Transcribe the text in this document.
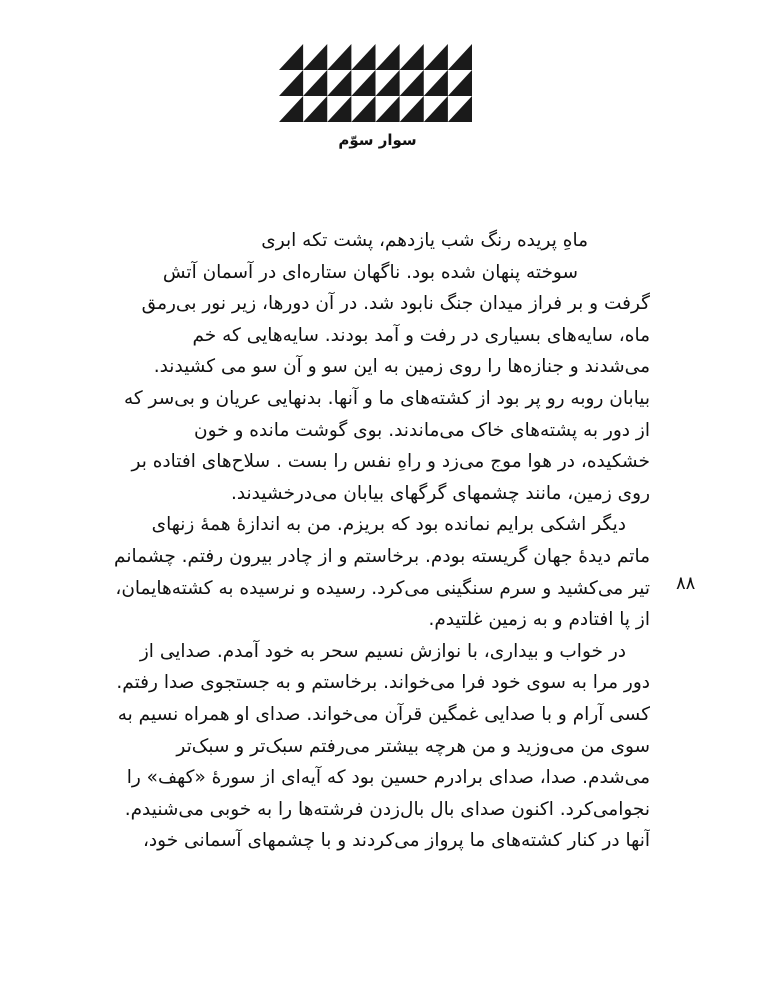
سوار سوّم
۸۸
ماهِ پریده رنگ شب یازدهم، پشت تکه ابری
سوخته پنهان شده بود. ناگهان ستاره‌ای در آسمان آتش
گرفت و بر فراز میدان جنگ نابود شد. در آن دورها، زیر نور بی‌رمق
ماه، سایه‌های بسیاری در رفت و آمد بودند. سایه‌هایی که خم
می‌شدند و جنازه‌ها را روی زمین به این سو و آن سو می کشیدند.
بیابان روبه رو پر بود از کشته‌های ما و آنها. بدنهایی عریان و بی‌سر که
از دور به پشته‌های خاک می‌ماندند. بوی گوشت مانده و خون
خشکیده، در هوا موج می‌زد و راهِ نفس را بست . سلاح‌های افتاده بر
روی زمین، مانند چشمهای گرگهای بیابان می‌درخشیدند.
دیگر اشکی برایم نمانده بود که بریزم. من به اندازهٔ همهٔ زنهای
ماتم دیدهٔ جهان گریسته بودم. برخاستم و از چادر بیرون رفتم. چشمانم
تیر می‌کشید و سرم سنگینی می‌کرد. رسیده و نرسیده به کشته‌هایمان،
از پا افتادم و به زمین غلتیدم.
در خواب و بیداری، با نوازش نسیم سحر به خود آمدم. صدایی از
دور مرا به سوی خود فرا می‌خواند. برخاستم و به جستجوی صدا رفتم.
کسی آرام و با صدایی غمگین قرآن می‌خواند. صدای او همراه نسیم به
سوی من می‌وزید و من هرچه بیشتر می‌رفتم سبک‌تر و سبک‌تر
می‌شدم. صدا، صدای برادرم حسین بود که آیه‌ای از سورهٔ «کهف» را
نجوامی‌کرد. اکنون صدای بال بال‌زدن فرشته‌ها را به خوبی می‌شنیدم.
آنها در کنار کشته‌های ما پرواز می‌کردند و با چشمهای آسمانی خود،
